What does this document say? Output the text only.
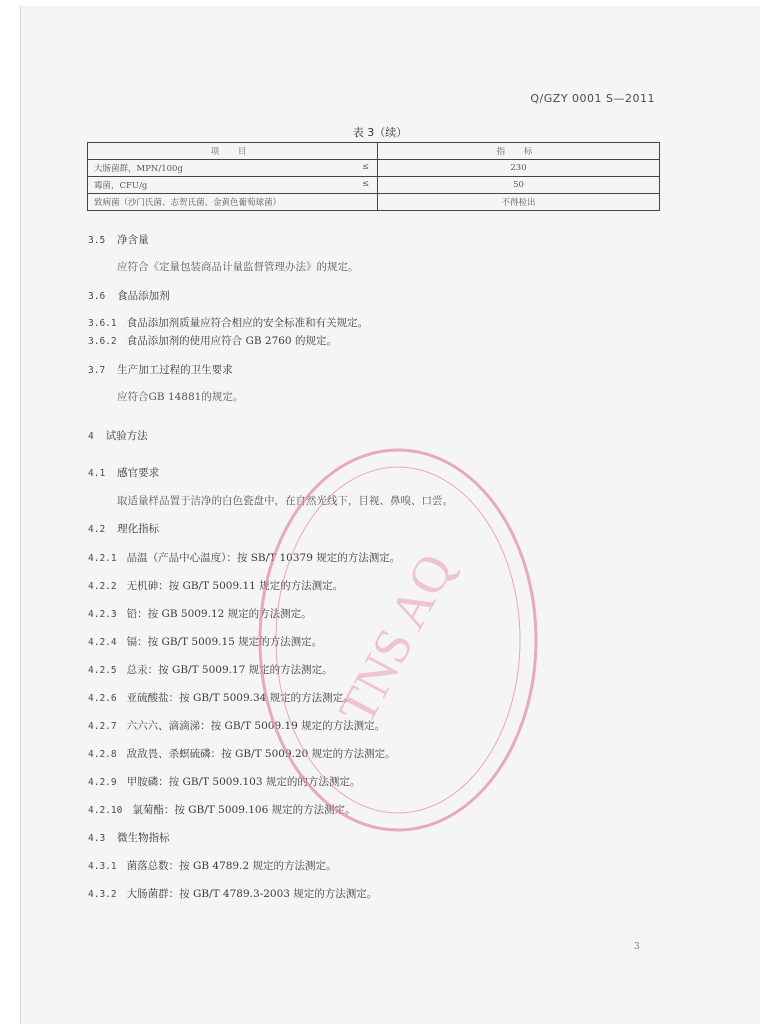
Q/GZY 0001 S—2011
表 3（续）
项 目	指 标
大肠菌群，MPN/100g ≤	230
霉菌，CFU/g ≤	50
致病菌（沙门氏菌、志贺氏菌、金黄色葡萄球菌）	不得检出
3.5 净含量
应符合《定量包装商品计量监督管理办法》的规定。
3.6 食品添加剂
3.6.1 食品添加剂质量应符合相应的安全标准和有关规定。
3.6.2 食品添加剂的使用应符合 GB 2760 的规定。
3.7 生产加工过程的卫生要求
应符合GB 14881的规定。
4 试验方法
4.1 感官要求
取适量样品置于洁净的白色瓷盘中，在自然光线下，目视、鼻嗅、口尝。
4.2 理化指标
4.2.1 品温（产品中心温度）：按 SB/T 10379 规定的方法测定。
4.2.2 无机砷：按 GB/T 5009.11 规定的方法测定。
4.2.3 铅：按 GB 5009.12 规定的方法测定。
4.2.4 镉：按 GB/T 5009.15 规定的方法测定。
4.2.5 总汞：按 GB/T 5009.17 规定的方法测定。
4.2.6 亚硫酸盐：按 GB/T 5009.34 规定的方法测定。
4.2.7 六六六、滴滴涕：按 GB/T 5009.19 规定的方法测定。
4.2.8 敌敌畏、杀螟硫磷：按 GB/T 5009.20 规定的方法测定。
4.2.9 甲胺磷：按 GB/T 5009.103 规定的的方法测定。
4.2.10 氯菊酯：按 GB/T 5009.106 规定的方法测定。
4.3 微生物指标
4.3.1 菌落总数：按 GB 4789.2 规定的方法测定。
4.3.2 大肠菌群：按 GB/T 4789.3-2003 规定的方法测定。
TNS AQ
3
